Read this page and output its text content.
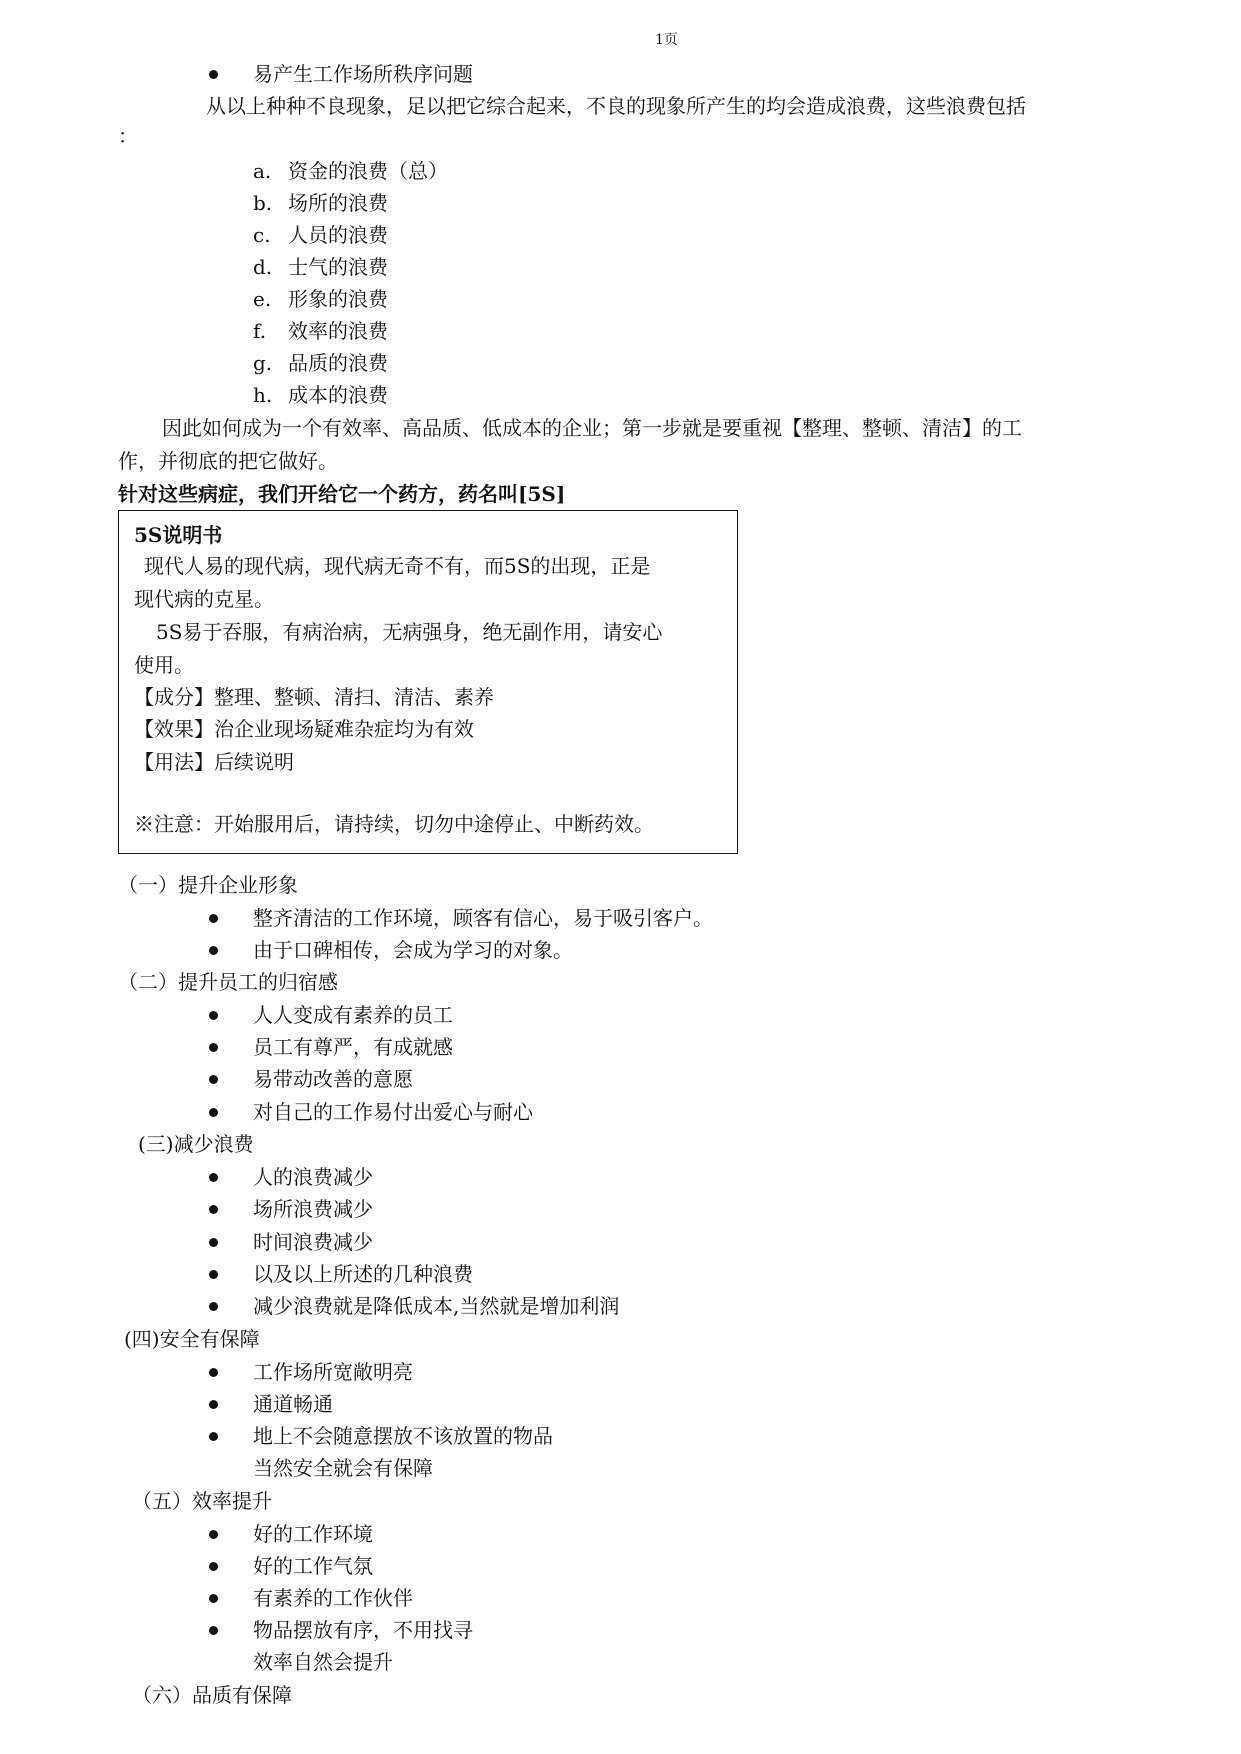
1页
易产生工作场所秩序问题
从以上种种不良现象，足以把它综合起来，不良的现象所产生的均会造成浪费，这些浪费包括
：
a. 资金的浪费（总）
b. 场所的浪费
c. 人员的浪费
d. 士气的浪费
e. 形象的浪费
f. 效率的浪费
g. 品质的浪费
h. 成本的浪费
因此如何成为一个有效率、高品质、低成本的企业；第一步就是要重视【整理、整顿、清洁】的工
作，并彻底的把它做好。
针对这些病症，我们开给它一个药方，药名叫[5S]
5S说明书
现代人易的现代病，现代病无奇不有，而5S的出现，正是
现代病的克星。
5S易于吞服，有病治病，无病强身，绝无副作用，请安心
使用。
【成分】整理、整顿、清扫、清洁、素养
【效果】治企业现场疑难杂症均为有效
【用法】后续说明
※注意：开始服用后，请持续，切勿中途停止、中断药效。
（一）提升企业形象
整齐清洁的工作环境，顾客有信心，易于吸引客户。
由于口碑相传，会成为学习的对象。
（二）提升员工的归宿感
人人变成有素养的员工
员工有尊严，有成就感
易带动改善的意愿
对自己的工作易付出爱心与耐心
(三)减少浪费
人的浪费减少
场所浪费减少
时间浪费减少
以及以上所述的几种浪费
减少浪费就是降低成本,当然就是增加利润
(四)安全有保障
工作场所宽敞明亮
通道畅通
地上不会随意摆放不该放置的物品
当然安全就会有保障
（五）效率提升
好的工作环境
好的工作气氛
有素养的工作伙伴
物品摆放有序，不用找寻
效率自然会提升
（六）品质有保障
